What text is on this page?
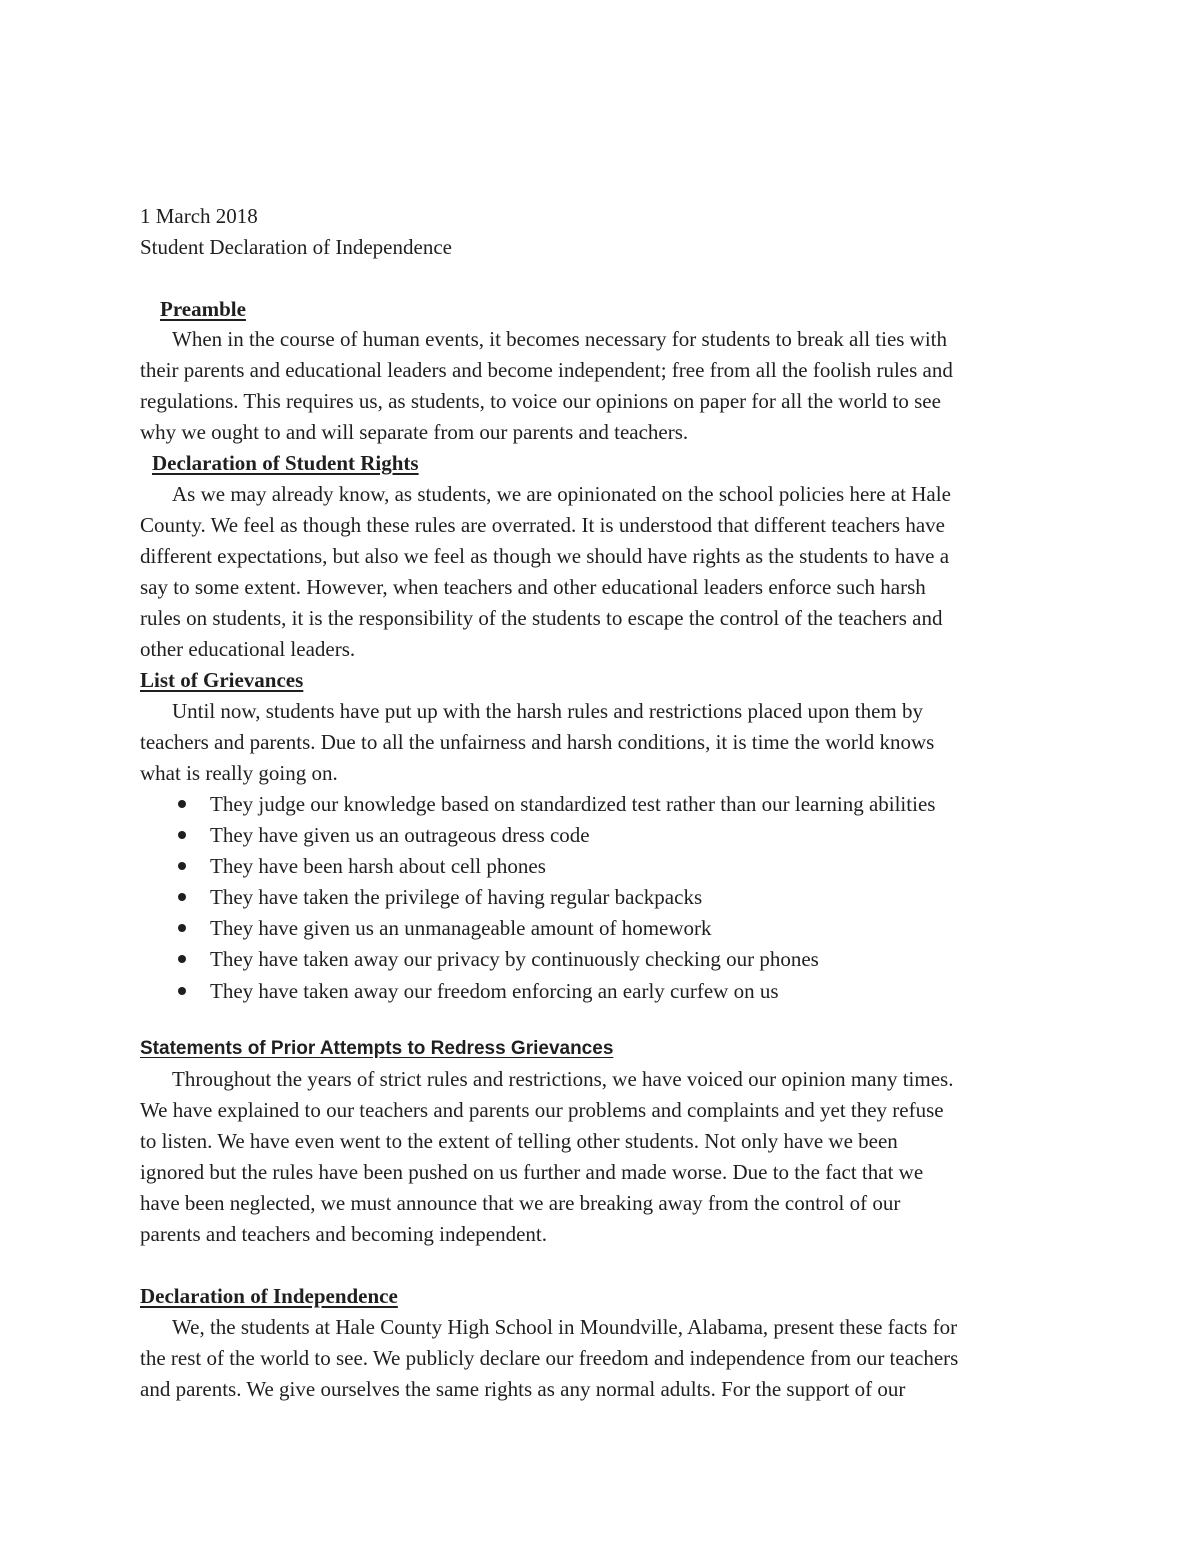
1 March 2018
Student Declaration of Independence
Preamble
When in the course of human events, it becomes necessary for students to break all ties with
their parents and educational leaders and become independent; free from all the foolish rules and
regulations. This requires us, as students, to voice our opinions on paper for all the world to see
why we ought to and will separate from our parents and teachers.
Declaration of Student Rights
As we may already know, as students, we are opinionated on the school policies here at Hale
County. We feel as though these rules are overrated. It is understood that different teachers have
different expectations, but also we feel as though we should have rights as the students to have a
say to some extent. However, when teachers and other educational leaders enforce such harsh
rules on students, it is the responsibility of the students to escape the control of the teachers and
other educational leaders.
List of Grievances
Until now, students have put up with the harsh rules and restrictions placed upon them by
teachers and parents. Due to all the unfairness and harsh conditions, it is time the world knows
what is really going on.
They judge our knowledge based on standardized test rather than our learning abilities
They have given us an outrageous dress code
They have been harsh about cell phones
They have taken the privilege of having regular backpacks
They have given us an unmanageable amount of homework
They have taken away our privacy by continuously checking our phones
They have taken away our freedom enforcing an early curfew on us
Statements of Prior Attempts to Redress Grievances
Throughout the years of strict rules and restrictions, we have voiced our opinion many times.
We have explained to our teachers and parents our problems and complaints and yet they refuse
to listen. We have even went to the extent of telling other students. Not only have we been
ignored but the rules have been pushed on us further and made worse. Due to the fact that we
have been neglected, we must announce that we are breaking away from the control of our
parents and teachers and becoming independent.
Declaration of Independence
We, the students at Hale County High School in Moundville, Alabama, present these facts for
the rest of the world to see. We publicly declare our freedom and independence from our teachers
and parents. We give ourselves the same rights as any normal adults. For the support of our
